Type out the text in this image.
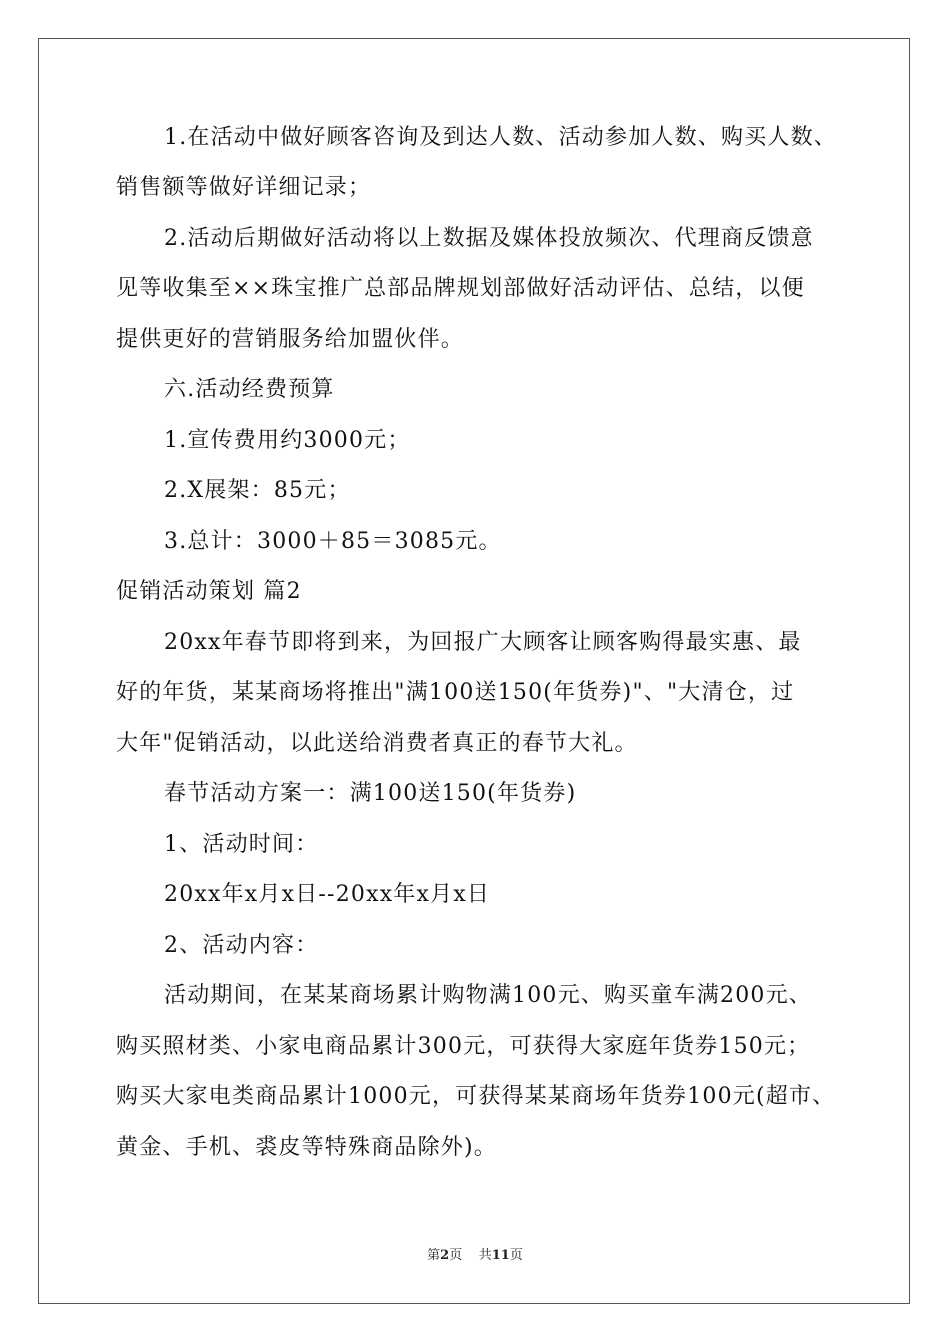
1.在活动中做好顾客咨询及到达人数、活动参加人数、购买人数、
销售额等做好详细记录；
2.活动后期做好活动将以上数据及媒体投放频次、代理商反馈意
见等收集至××珠宝推广总部品牌规划部做好活动评估、总结，以便
提供更好的营销服务给加盟伙伴。
六.活动经费预算
1.宣传费用约3000元；
2.X展架：85元；
3.总计：3000＋85＝3085元。
促销活动策划 篇2
20xx年春节即将到来，为回报广大顾客让顾客购得最实惠、最
好的年货，某某商场将推出"满100送150(年货券)"、"大清仓，过
大年"促销活动，以此送给消费者真正的春节大礼。
春节活动方案一：满100送150(年货券)
1、活动时间：
20xx年x月x日--20xx年x月x日
2、活动内容：
活动期间，在某某商场累计购物满100元、购买童车满200元、
购买照材类、小家电商品累计300元，可获得大家庭年货券150元；
购买大家电类商品累计1000元，可获得某某商场年货券100元(超市、
黄金、手机、裘皮等特殊商品除外)。
第2页 共11页
